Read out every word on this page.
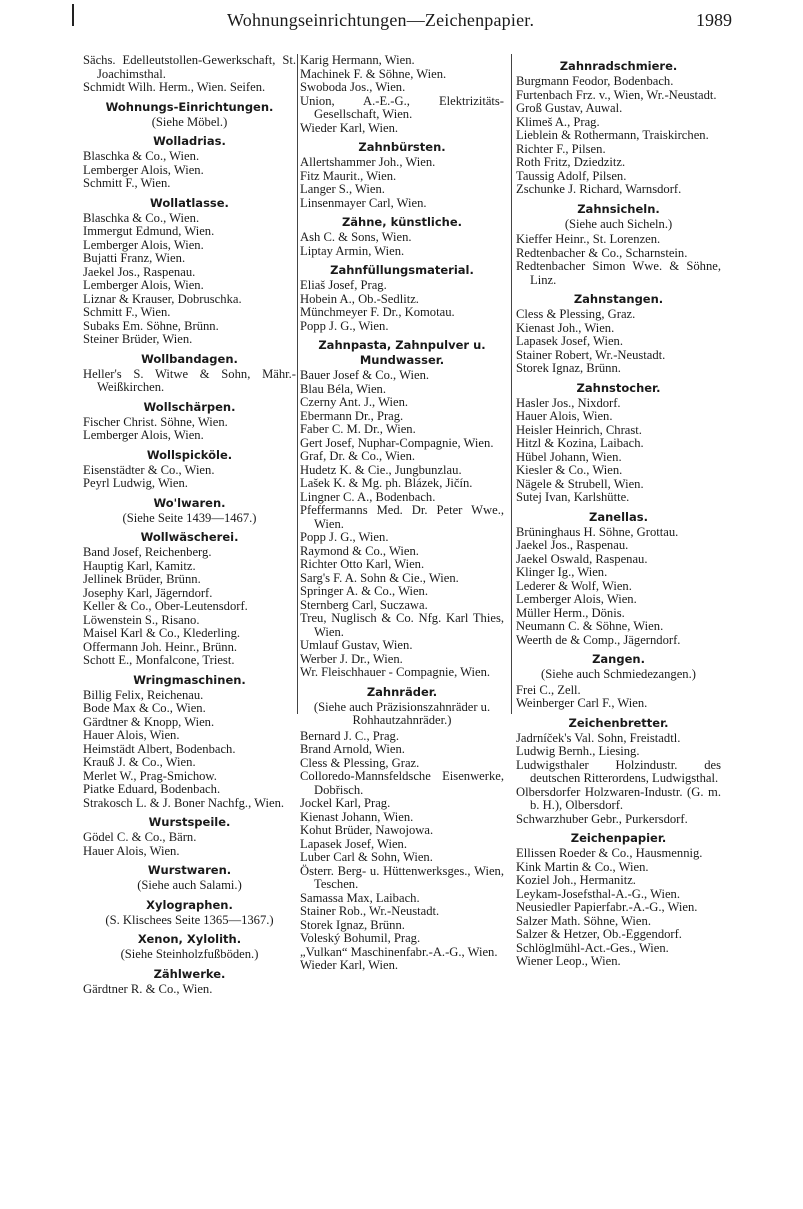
Wohnungseinrichtungen—Zeichenpapier.	1989
Sächs. Edelleutstollen-Gewerkschaft, St. Joachimsthal.
Schmidt Wilh. Herm., Wien. Seifen.
Wohnungs-Einrichtungen.
(Siehe Möbel.)
Wolladrias.
Blaschka & Co., Wien.
Lemberger Alois, Wien.
Schmitt F., Wien.
Wollatlasse.
Blaschka & Co., Wien.
Immergut Edmund, Wien.
Lemberger Alois, Wien.
Bujatti Franz, Wien.
Jaekel Jos., Raspenau.
Lemberger Alois, Wien.
Liznar & Krauser, Dobruschka.
Schmitt F., Wien.
Subaks Em. Söhne, Brünn.
Steiner Brüder, Wien.
Wollbandagen.
Heller's S. Witwe & Sohn, Mähr.-Weißkirchen.
Wollschärpen.
Fischer Christ. Söhne, Wien.
Lemberger Alois, Wien.
Wollspicköle.
Eisenstädter & Co., Wien.
Peyrl Ludwig, Wien.
Wo'lwaren.
(Siehe Seite 1439—1467.)
Wollwäscherei.
Band Josef, Reichenberg.
Hauptig Karl, Kamitz.
Jellinek Brüder, Brünn.
Josephy Karl, Jägerndorf.
Keller & Co., Ober-Leutensdorf.
Löwenstein S., Risano.
Maisel Karl & Co., Klederling.
Offermann Joh. Heinr., Brünn.
Schott E., Monfalcone, Triest.
Wringmaschinen.
Billig Felix, Reichenau.
Bode Max & Co., Wien.
Gärdtner & Knopp, Wien.
Hauer Alois, Wien.
Heimstädt Albert, Bodenbach.
Krauß J. & Co., Wien.
Merlet W., Prag-Smichow.
Piatke Eduard, Bodenbach.
Strakosch L. & J. Boner Nachfg., Wien.
Wurstspeile.
Gödel C. & Co., Bärn.
Hauer Alois, Wien.
Wurstwaren.
(Siehe auch Salami.)
Xylographen.
(S. Klischees Seite 1365—1367.)
Xenon, Xylolith.
(Siehe Steinholzfußböden.)
Zählwerke.
Gärdtner R. & Co., Wien.
Karig Hermann, Wien.
Machinek F. & Söhne, Wien.
Swoboda Jos., Wien.
Union, A.-E.-G., Elektrizitäts-Gesellschaft, Wien.
Wieder Karl, Wien.
Zahnbürsten.
Allertshammer Joh., Wien.
Fitz Maurit., Wien.
Langer S., Wien.
Linsenmayer Carl, Wien.
Zähne, künstliche.
Ash C. & Sons, Wien.
Liptay Armin, Wien.
Zahnfüllungsmaterial.
Eliaš Josef, Prag.
Hobein A., Ob.-Sedlitz.
Münchmeyer F. Dr., Komotau.
Popp J. G., Wien.
Zahnpasta, Zahnpulver u. Mundwasser.
Bauer Josef & Co., Wien.
Blau Béla, Wien.
Czerny Ant. J., Wien.
Ebermann Dr., Prag.
Faber C. M. Dr., Wien.
Gert Josef, Nuphar-Compagnie, Wien.
Graf, Dr. & Co., Wien.
Hudetz K. & Cie., Jungbunzlau.
Lašek K. & Mg. ph. Blázek, Jičín.
Lingner C. A., Bodenbach.
Pfeffermanns Med. Dr. Peter Wwe., Wien.
Popp J. G., Wien.
Raymond & Co., Wien.
Richter Otto Karl, Wien.
Sarg's F. A. Sohn & Cie., Wien.
Springer A. & Co., Wien.
Sternberg Carl, Suczawa.
Treu, Nuglisch & Co. Nfg. Karl Thies, Wien.
Umlauf Gustav, Wien.
Werber J. Dr., Wien.
Wr. Fleischhauer - Compagnie, Wien.
Zahnräder.
(Siehe auch Präzisionszahnräder u. Rohhautzahnräder.)
Bernard J. C., Prag.
Brand Arnold, Wien.
Cless & Plessing, Graz.
Colloredo-Mannsfeldsche Eisenwerke, Dobřisch.
Jockel Karl, Prag.
Kienast Johann, Wien.
Kohut Brüder, Nawojowa.
Lapasek Josef, Wien.
Luber Carl & Sohn, Wien.
Österr. Berg- u. Hüttenwerksges., Wien, Teschen.
Samassa Max, Laibach.
Stainer Rob., Wr.-Neustadt.
Storek Ignaz, Brünn.
Voleský Bohumil, Prag.
„Vulkan“ Maschinenfabr.-A.-G., Wien.
Wieder Karl, Wien.
Zahnradschmiere.
Burgmann Feodor, Bodenbach.
Furtenbach Frz. v., Wien, Wr.-Neustadt.
Groß Gustav, Auwal.
Klimeš A., Prag.
Lieblein & Rothermann, Traiskirchen.
Richter F., Pilsen.
Roth Fritz, Dziedzitz.
Taussig Adolf, Pilsen.
Zschunke J. Richard, Warnsdorf.
Zahnsicheln.
(Siehe auch Sicheln.)
Kieffer Heinr., St. Lorenzen.
Redtenbacher & Co., Scharnstein.
Redtenbacher Simon Wwe. & Söhne, Linz.
Zahnstangen.
Cless & Plessing, Graz.
Kienast Joh., Wien.
Lapasek Josef, Wien.
Stainer Robert, Wr.-Neustadt.
Storek Ignaz, Brünn.
Zahnstocher.
Hasler Jos., Nixdorf.
Hauer Alois, Wien.
Heisler Heinrich, Chrast.
Hitzl & Kozina, Laibach.
Hübel Johann, Wien.
Kiesler & Co., Wien.
Nägele & Strubell, Wien.
Sutej Ivan, Karlshütte.
Zanellas.
Brüninghaus H. Söhne, Grottau.
Jaekel Jos., Raspenau.
Jaekel Oswald, Raspenau.
Klinger Ig., Wien.
Lederer & Wolf, Wien.
Lemberger Alois, Wien.
Müller Herm., Dönis.
Neumann C. & Söhne, Wien.
Weerth de & Comp., Jägerndorf.
Zangen.
(Siehe auch Schmiedezangen.)
Frei C., Zell.
Weinberger Carl F., Wien.
Zeichenbretter.
Jadrníček's Val. Sohn, Freistadtl.
Ludwig Bernh., Liesing.
Ludwigsthaler Holzindustr. des deutschen Ritterordens, Ludwigsthal.
Olbersdorfer Holzwaren-Industr. (G. m. b. H.), Olbersdorf.
Schwarzhuber Gebr., Purkersdorf.
Zeichenpapier.
Ellissen Roeder & Co., Hausmennig.
Kink Martin & Co., Wien.
Koziel Joh., Hermanitz.
Leykam-Josefsthal-A.-G., Wien.
Neusiedler Papierfabr.-A.-G., Wien.
Salzer Math. Söhne, Wien.
Salzer & Hetzer, Ob.-Eggendorf.
Schlöglmühl-Act.-Ges., Wien.
Wiener Leop., Wien.
